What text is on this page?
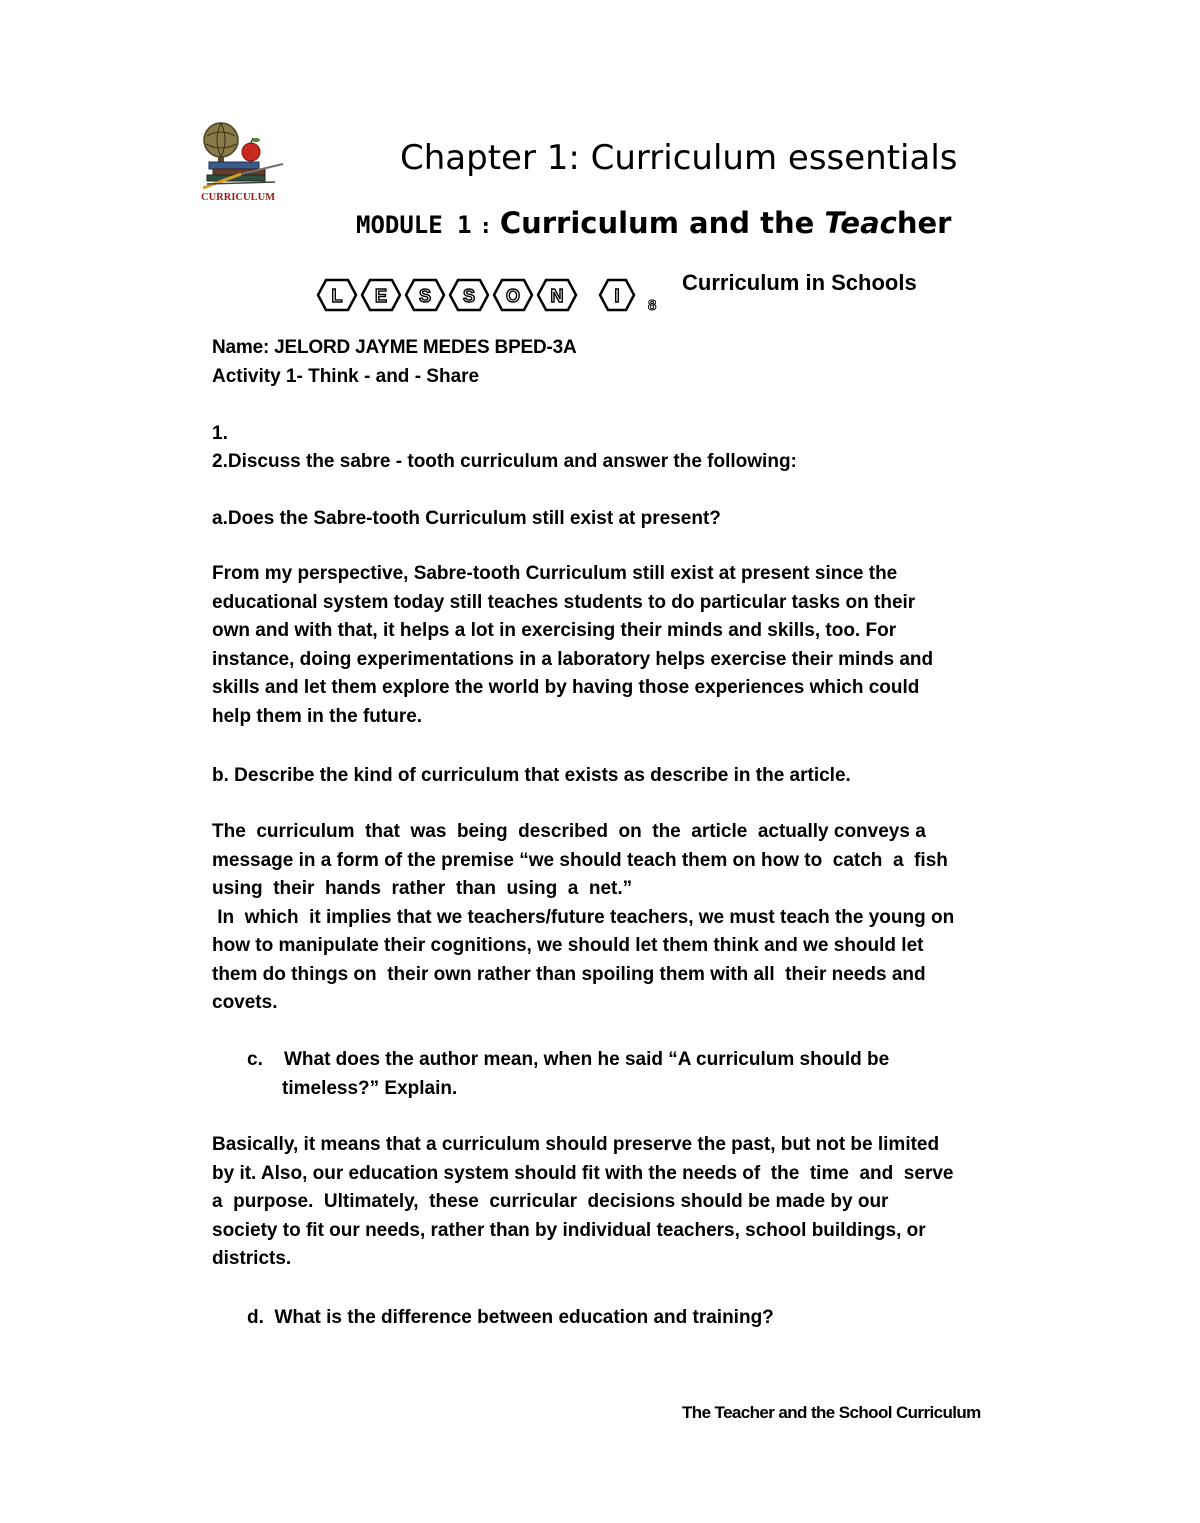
CURRICULUM
Chapter 1: Curriculum essentials
MODULE 1 : Curriculum and the Teacher
L E S S O N	I 8
Curriculum in Schools
Name: JELORD JAYME MEDES BPED-3A
Activity 1- Think - and - Share
1.
2.Discuss the sabre - tooth curriculum and answer the following:
a.Does the Sabre-tooth Curriculum still exist at present?
From my perspective, Sabre-tooth Curriculum still exist at present since the
educational system today still teaches students to do particular tasks on their
own and with that, it helps a lot in exercising their minds and skills, too. For
instance, doing experimentations in a laboratory helps exercise their minds and
skills and let them explore the world by having those experiences which could
help them in the future.
b. Describe the kind of curriculum that exists as describe in the article.
The  curriculum  that  was  being  described  on  the  article  actually conveys a
message in a form of the premise “we should teach them on how to  catch  a  fish
using  their  hands  rather  than  using  a  net.”
In  which  it implies that we teachers/future teachers, we must teach the young on
how to manipulate their cognitions, we should let them think and we should let
them do things on  their own rather than spoiling them with all  their needs and
covets.
c.    What does the author mean, when he said “A curriculum should be
timeless?” Explain.
Basically, it means that a curriculum should preserve the past, but not be limited
by it. Also, our education system should fit with the needs of  the  time  and  serve
a  purpose.  Ultimately,  these  curricular  decisions should be made by our
society to fit our needs, rather than by individual teachers, school buildings, or
districts.
d.  What is the difference between education and training?
The Teacher and the School Curriculum
